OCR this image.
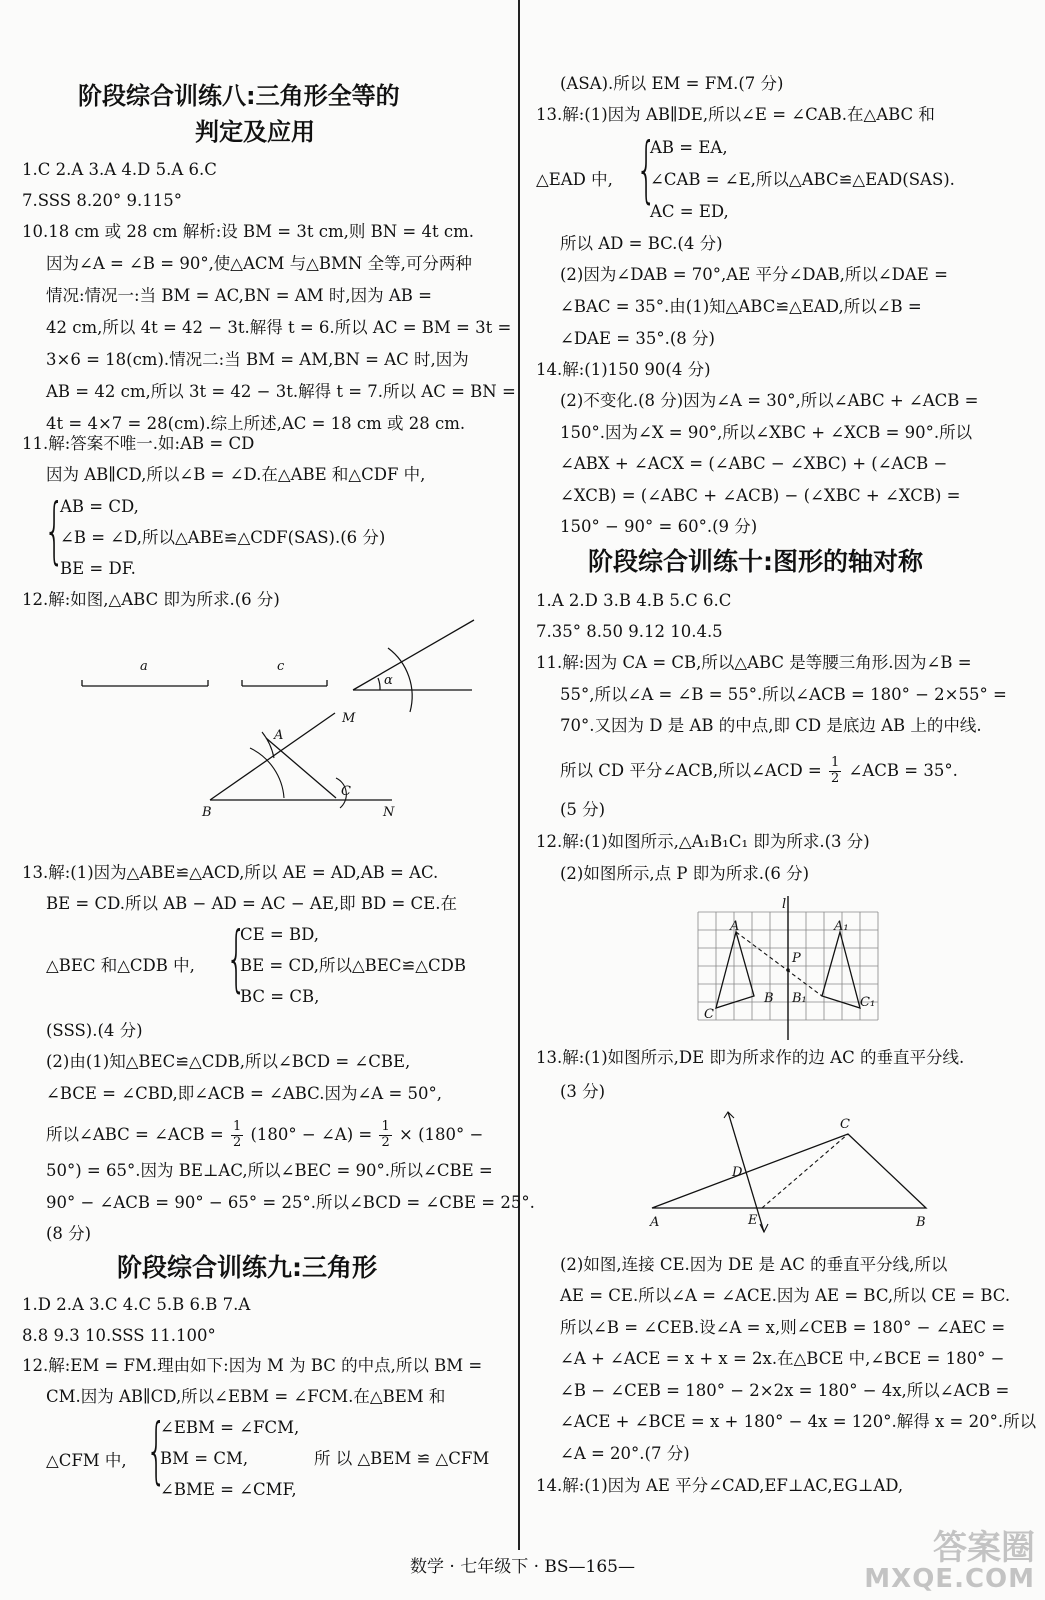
阶段综合训练八:三角形全等的
判定及应用
1.C 2.A 3.A 4.D 5.A 6.C
7.SSS 8.20° 9.115°
10.18 cm 或 28 cm 解析:设 BM = 3t cm,则 BN = 4t cm.
因为∠A = ∠B = 90°,使△ACM 与△BMN 全等,可分两种
情况:情况一:当 BM = AC,BN = AM 时,因为 AB =
42 cm,所以 4t = 42 − 3t.解得 t = 6.所以 AC = BM = 3t =
3×6 = 18(cm).情况二:当 BM = AM,BN = AC 时,因为
AB = 42 cm,所以 3t = 42 − 3t.解得 t = 7.所以 AC = BN =
4t = 4×7 = 28(cm).综上所述,AC = 18 cm 或 28 cm.
11.解:答案不唯一.如:AB = CD
因为 AB∥CD,所以∠B = ∠D.在△ABE 和△CDF 中,
{
AB = CD,
∠B = ∠D,所以△ABE≌△CDF(SAS).(6 分)
BE = DF.
12.解:如图,△ABC 即为所求.(6 分)
a	c
α
A
M
B
C
N
13.解:(1)因为△ABE≌△ACD,所以 AE = AD,AB = AC.
BE = CD.所以 AB − AD = AC − AE,即 BD = CE.在
△BEC 和△CDB 中, {
CE = BD,
BE = CD,所以△BEC≌△CDB
BC = CB,
(SSS).(4 分)
(2)由(1)知△BEC≌△CDB,所以∠BCD = ∠CBE,
∠BCE = ∠CBD,即∠ACB = ∠ABC.因为∠A = 50°,
所以∠ABC = ∠ACB = $\frac{1}{2} (180^\circ$ − ∠A) = $\frac{1}{2} \times (180^\circ$ −
50°) = 65°.因为 BE⊥AC,所以∠BEC = 90°.所以∠CBE =
90° − ∠ACB = 90° − 65° = 25°.所以∠BCD = ∠CBE = 25°.
(8 分)
阶段综合训练九:三角形
1.D 2.A 3.C 4.C 5.B 6.B 7.A
8.8 9.3 10.SSS 11.100°
12.解:EM = FM.理由如下:因为 M 为 BC 的中点,所以 BM =
CM.因为 AB∥CD,所以∠EBM = ∠FCM.在△BEM 和
△CFM 中, {
∠EBM = ∠FCM,
BM = CM,	所 以 △BEM ≌ △CFM
∠BME = ∠CMF,
(ASA).所以 EM = FM.(7 分)
13.解:(1)因为 AB∥DE,所以∠E = ∠CAB.在△ABC 和
△EAD 中, {
AB = EA,
∠CAB = ∠E,所以△ABC≌△EAD(SAS).
AC = ED,
所以 AD = BC.(4 分)
(2)因为∠DAB = 70°,AE 平分∠DAB,所以∠DAE =
∠BAC = 35°.由(1)知△ABC≌△EAD,所以∠B =
∠DAE = 35°.(8 分)
14.解:(1)150 90(4 分)
(2)不变化.(8 分)因为∠A = 30°,所以∠ABC + ∠ACB =
150°.因为∠X = 90°,所以∠XBC + ∠XCB = 90°.所以
∠ABX + ∠ACX = (∠ABC − ∠XBC) + (∠ACB −
∠XCB) = (∠ABC + ∠ACB) − (∠XBC + ∠XCB) =
150° − 90° = 60°.(9 分)
阶段综合训练十:图形的轴对称
1.A 2.D 3.B 4.B 5.C 6.C
7.35° 8.50 9.12 10.4.5
11.解:因为 CA = CB,所以△ABC 是等腰三角形.因为∠B =
55°,所以∠A = ∠B = 55°.所以∠ACB = 180° − 2×55° =
70°.又因为 D 是 AB 的中点,即 CD 是底边 AB 上的中线.
所以 CD 平分∠ACB,所以∠ACD = $\frac{1}{2}$ ∠ACB = 35°.
(5 分)
12.解:(1)如图所示,△A₁B₁C₁ 即为所求.(3 分)
(2)如图所示,点 P 即为所求.(6 分)
l
A	A₁
P
B B₁
C
C₁
13.解:(1)如图所示,DE 即为所求作的边 AC 的垂直平分线.
(3 分)
C
D
A	E	B
(2)如图,连接 CE.因为 DE 是 AC 的垂直平分线,所以
AE = CE.所以∠A = ∠ACE.因为 AE = BC,所以 CE = BC.
所以∠B = ∠CEB.设∠A = x,则∠CEB = 180° − ∠AEC =
∠A + ∠ACE = x + x = 2x.在△BCE 中,∠BCE = 180° −
∠B − ∠CEB = 180° − 2×2x = 180° − 4x,所以∠ACB =
∠ACE + ∠BCE = x + 180° − 4x = 120°.解得 x = 20°.所以
∠A = 20°.(7 分)
14.解:(1)因为 AE 平分∠CAD,EF⊥AC,EG⊥AD,
数学 · 七年级下 · BS—165—	答案圈
MXQE.COM
